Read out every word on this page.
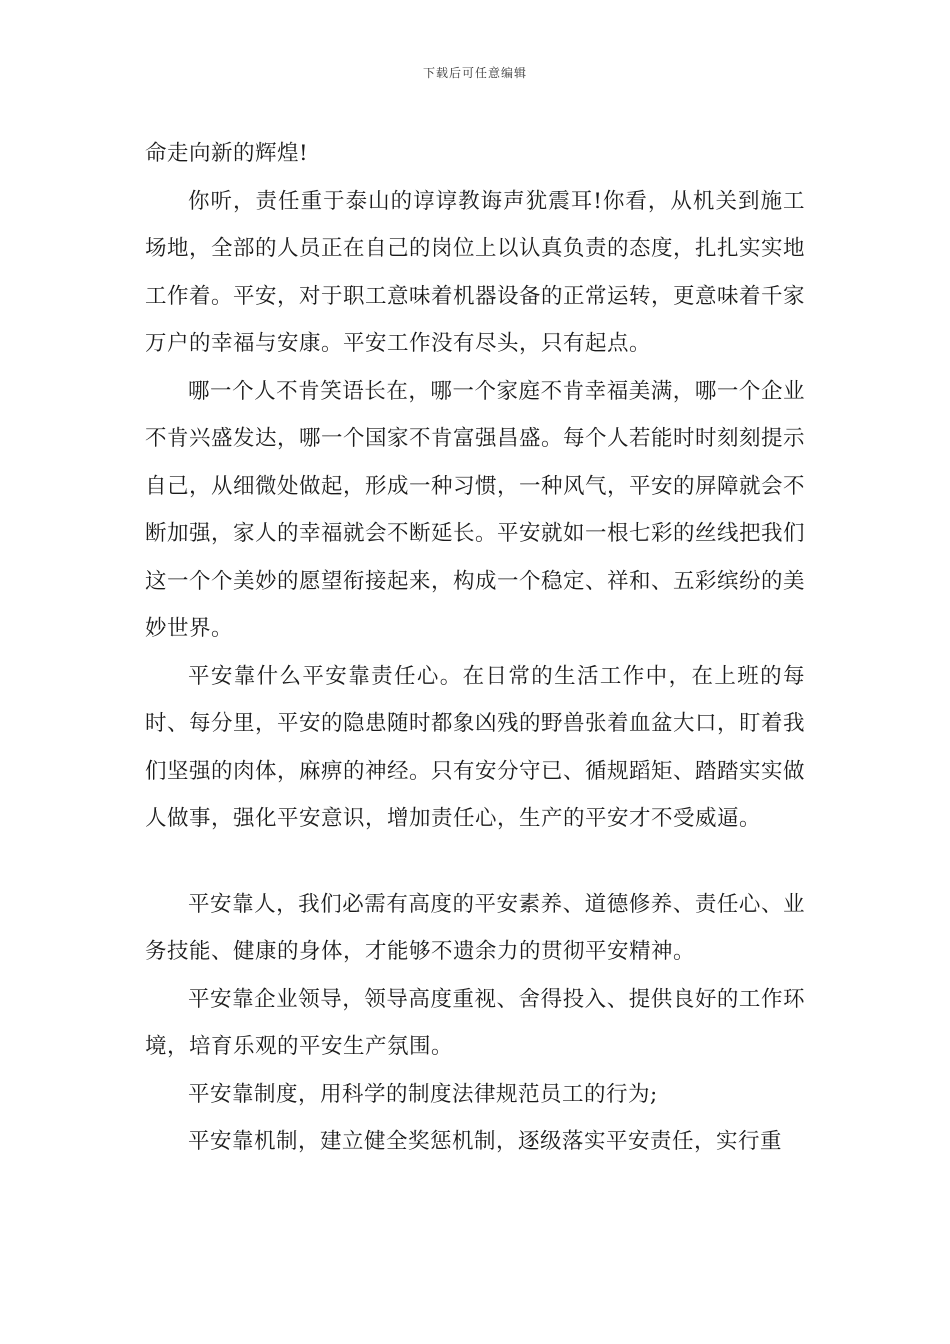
下载后可任意编辑

命走向新的辉煌!

你听，责任重于泰山的谆谆教诲声犹震耳!你看，从机关到施工场地，全部的人员正在自己的岗位上以认真负责的态度，扎扎实实地工作着。平安，对于职工意味着机器设备的正常运转，更意味着千家万户的幸福与安康。平安工作没有尽头，只有起点。

哪一个人不肯笑语长在，哪一个家庭不肯幸福美满，哪一个企业不肯兴盛发达，哪一个国家不肯富强昌盛。每个人若能时时刻刻提示自己，从细微处做起，形成一种习惯，一种风气，平安的屏障就会不断加强，家人的幸福就会不断延长。平安就如一根七彩的丝线把我们这一个个美妙的愿望衔接起来，构成一个稳定、祥和、五彩缤纷的美妙世界。

平安靠什么平安靠责任心。在日常的生活工作中，在上班的每时、每分里，平安的隐患随时都象凶残的野兽张着血盆大口，盯着我们坚强的肉体，麻痹的神经。只有安分守已、循规蹈矩、踏踏实实做人做事，强化平安意识，增加责任心，生产的平安才不受威逼。

平安靠人，我们必需有高度的平安素养、道德修养、责任心、业务技能、健康的身体，才能够不遗余力的贯彻平安精神。

平安靠企业领导，领导高度重视、舍得投入、提供良好的工作环境，培育乐观的平安生产氛围。

平安靠制度，用科学的制度法律规范员工的行为;

平安靠机制，建立健全奖惩机制，逐级落实平安责任，实行重
